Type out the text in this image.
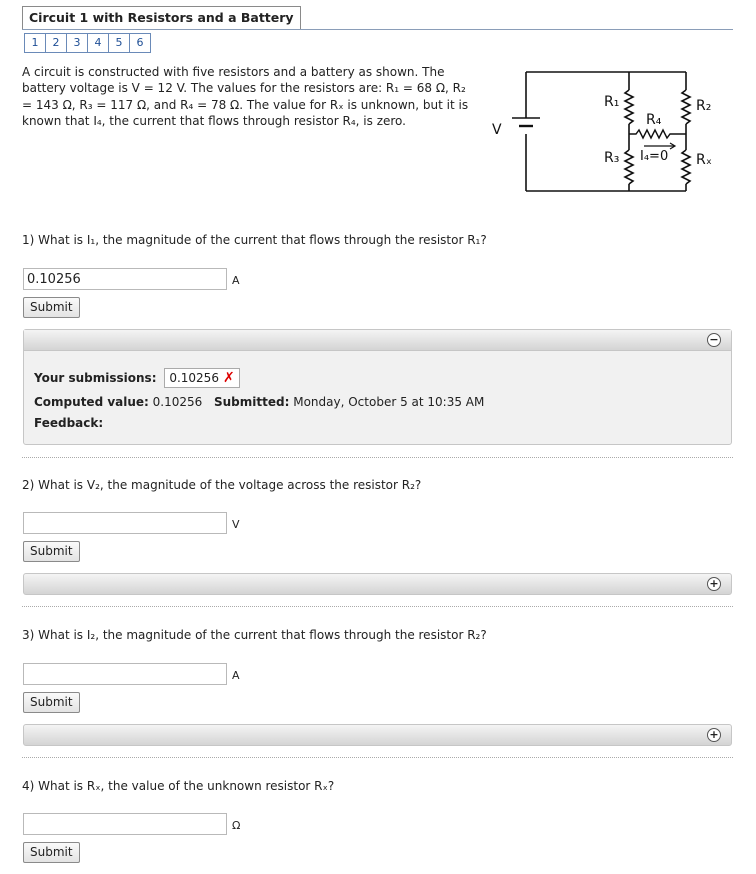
Circuit 1 with Resistors and a Battery
1	2	3	4	5	6
A circuit is constructed with five resistors and a battery as shown. The battery voltage is V = 12 V. The values for the resistors are: R₁ = 68 Ω, R₂ = 143 Ω, R₃ = 117 Ω, and R₄ = 78 Ω. The value for Rₓ is unknown, but it is known that I₄, the current that flows through resistor R₄, is zero.
V
R₁	R₂
R₃
R₄
Rₓ
I₄=0
1) What is I₁, the magnitude of the current that flows through the resistor R₁?
0.10256
A
Submit
−
Your submissions: 0.10256 ✗
Computed value: 0.10256 Submitted: Monday, October 5 at 10:35 AM
Feedback:
2) What is V₂, the magnitude of the voltage across the resistor R₂?
V
Submit
+
3) What is I₂, the magnitude of the current that flows through the resistor R₂?
A
Submit
+
4) What is Rₓ, the value of the unknown resistor Rₓ?
Ω
Submit
